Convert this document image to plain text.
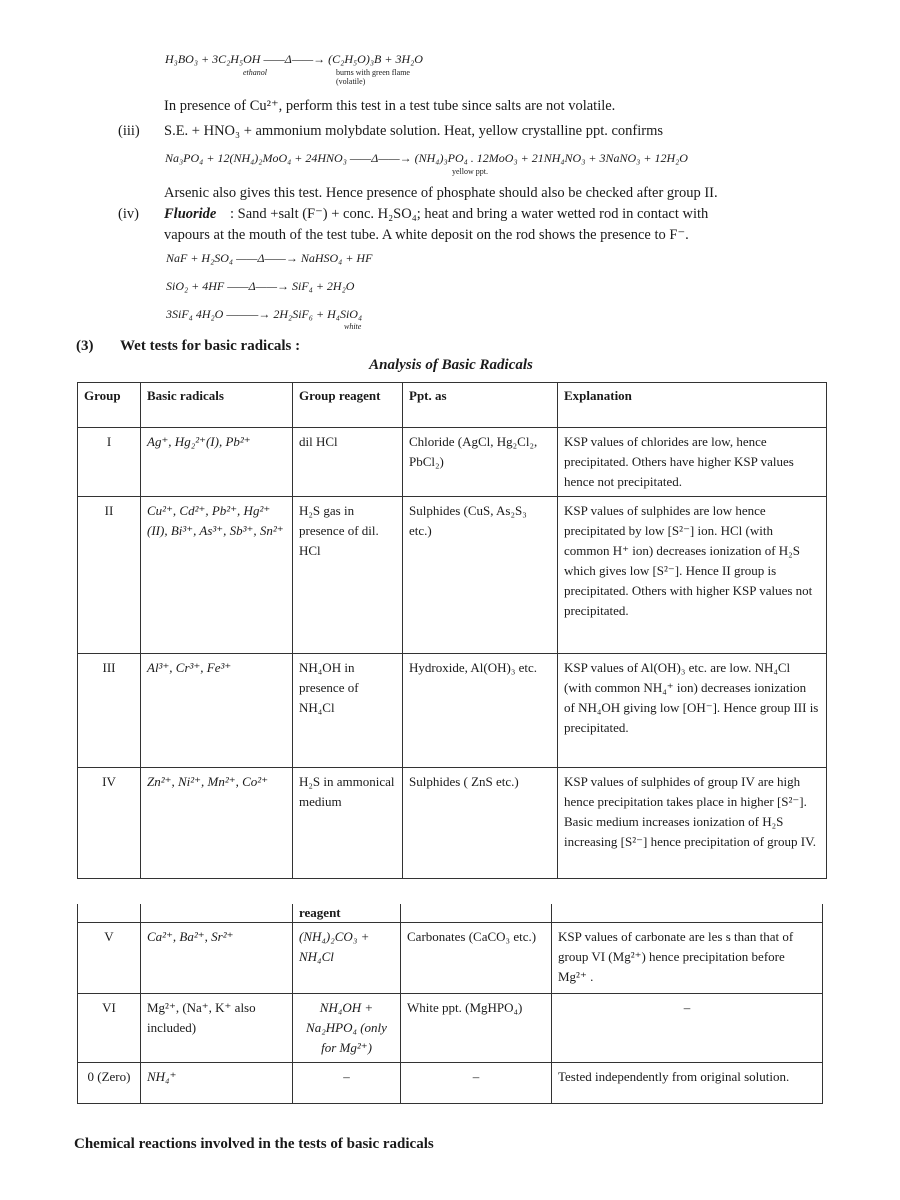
H₃BO₃ + 3C₂H₅OH ——Δ——→ (C₂H₅O)₃B + 3H₂O
ethanol	burns with green flame
(volatile)
In presence of Cu²⁺, perform this test in a test tube since salts are not volatile.
(iii) S.E. + HNO₃ + ammonium molybdate solution. Heat, yellow crystalline ppt. confirms
Na₃PO₄ + 12(NH₄)₂MoO₄ + 24HNO₃ ——Δ——→ (NH₄)₃PO₄ . 12MoO₃ + 21NH₄NO₃ + 3NaNO₃ + 12H₂O
yellow ppt.
Arsenic also gives this test. Hence presence of phosphate should also be checked after group II.
(iv) Fluoride : Sand +salt (F⁻) + conc. H₂SO₄; heat and bring a water wetted rod in contact with
vapours at the mouth of the test tube. A white deposit on the rod shows the presence to F⁻.
NaF + H₂SO₄ ——Δ——→ NaHSO₄ + HF
SiO₂ + 4HF ——Δ——→ SiF₄ + 2H₂O
3SiF₄ 4H₂O ———→ 2H₂SiF₆ + H₄SiO₄
white
(3) Wet tests for basic radicals :
Analysis of Basic Radicals
Group	Basic radicals	Group reagent	Ppt. as	Explanation
I	Ag⁺, Hg₂²⁺(I), Pb²⁺	dil HCl	Chloride (AgCl, Hg₂Cl₂, PbCl₂)	KSP values of chlorides are low, hence precipitated. Others have higher KSP values hence not precipitated.
II	Cu²⁺, Cd²⁺, Pb²⁺, Hg²⁺ (II), Bi³⁺, As³⁺, Sb³⁺, Sn²⁺	H₂S gas in presence of dil. HCl	Sulphides (CuS, As₂S₃ etc.)	KSP values of sulphides are low hence precipitated by low [S²⁻] ion. HCl (with common H⁺ ion) decreases ionization of H₂S which gives low [S²⁻]. Hence II group is precipitated. Others with higher KSP values not precipitated.
III	Al³⁺, Cr³⁺, Fe³⁺	NH₄OH in presence of NH₄Cl	Hydroxide, Al(OH)₃ etc.	KSP values of Al(OH)₃ etc. are low. NH₄Cl (with common NH₄⁺ ion) decreases ionization of NH₄OH giving low [OH⁻]. Hence group III is precipitated.
IV	Zn²⁺, Ni²⁺, Mn²⁺, Co²⁺	H₂S in ammonical medium	Sulphides ( ZnS etc.)	KSP values of sulphides of group IV are high hence precipitation takes place in higher [S²⁻]. Basic medium increases ionization of H₂S increasing [S²⁻] hence precipitation of group IV.
		reagent		
V	Ca²⁺, Ba²⁺, Sr²⁺	(NH₄)₂CO₃ + NH₄Cl	Carbonates (CaCO₃ etc.)	KSP values of carbonate are les s than that of group VI (Mg²⁺) hence precipitation before Mg²⁺ .
VI	Mg²⁺, (Na⁺, K⁺ also included)	NH₄OH + Na₂HPO₄ (only for Mg²⁺)	White ppt. (MgHPO₄)	–
0 (Zero)	NH₄⁺	–	–	Tested independently from original solution.
Chemical reactions involved in the tests of basic radicals
